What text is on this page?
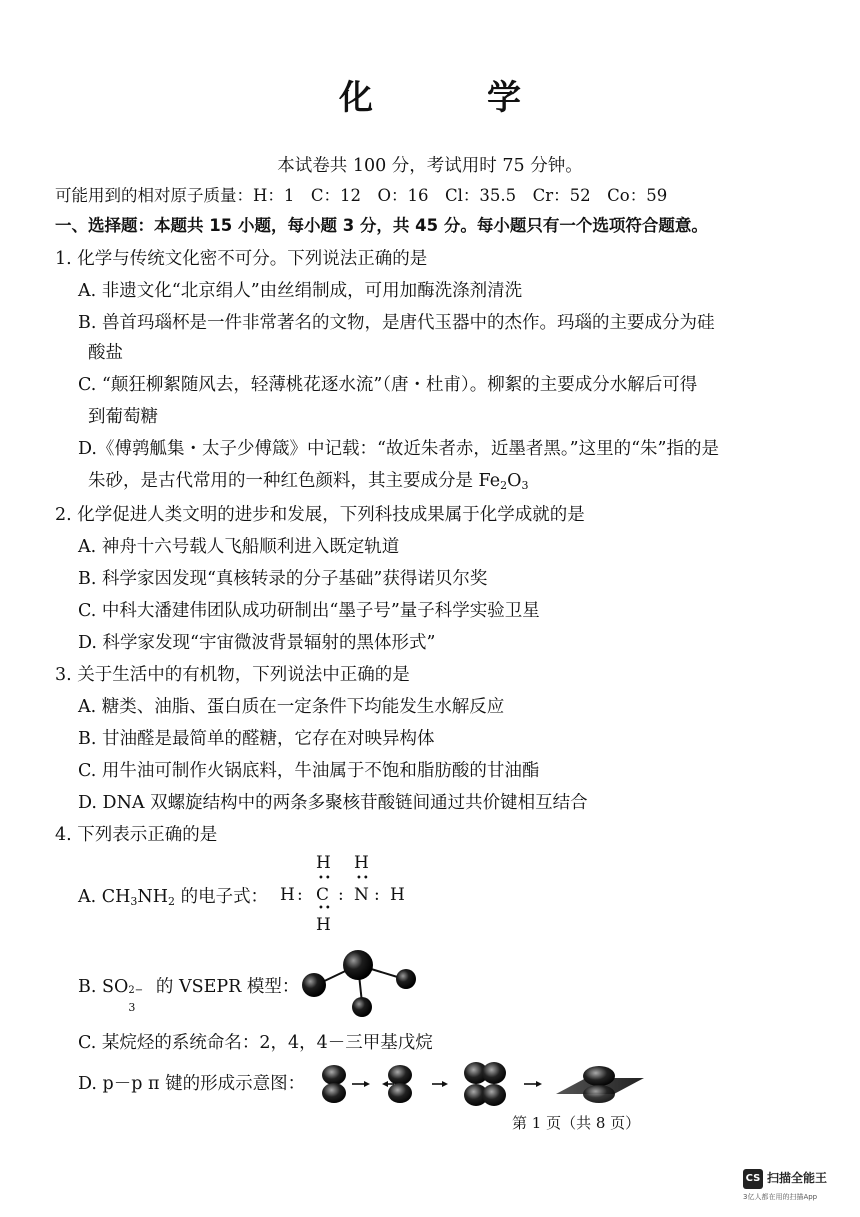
化　学
本试卷共 100 分，考试用时 75 分钟。
可能用到的相对原子质量：H：1　C：12　O：16　Cl：35.5　Cr：52　Co：59
一、选择题：本题共 15 小题，每小题 3 分，共 45 分。每小题只有一个选项符合题意。
1. 化学与传统文化密不可分。下列说法正确的是
A. 非遗文化“北京绢人”由丝绢制成，可用加酶洗涤剂清洗
B. 兽首玛瑙杯是一件非常著名的文物，是唐代玉器中的杰作。玛瑙的主要成分为硅
酸盐
C. “颠狂柳絮随风去，轻薄桃花逐水流”（唐・杜甫）。柳絮的主要成分水解后可得
到葡萄糖
D.《傅鹑觚集・太子少傅箴》中记载：“故近朱者赤，近墨者黑。”这里的“朱”指的是
朱砂，是古代常用的一种红色颜料，其主要成分是 $Fe_2O_3$
2. 化学促进人类文明的进步和发展，下列科技成果属于化学成就的是
A. 神舟十六号载人飞船顺利进入既定轨道
B. 科学家因发现“真核转录的分子基础”获得诺贝尔奖
C. 中科大潘建伟团队成功研制出“墨子号”量子科学实验卫星
D. 科学家发现“宇宙微波背景辐射的黑体形式”
3. 关于生活中的有机物，下列说法中正确的是
A. 糖类、油脂、蛋白质在一定条件下均能发生水解反应
B. 甘油醛是最简单的醛糖，它存在对映异构体
C. 用牛油可制作火锅底料，牛油属于不饱和脂肪酸的甘油酯
D. DNA 双螺旋结构中的两条多聚核苷酸链间通过共价键相互结合
4. 下列表示正确的是
A. $CH_3NH_2$ 的电子式： H :
H
••
C
••
H
:
H
••
N : H
B. SO 2−
3
的 VSEPR 模型：
C. 某烷烃的系统命名：2，4，4－三甲基戊烷
D. p－p π 键的形成示意图：
第 1 页（共 8 页）
CS 扫描全能王
3亿人都在用的扫描App
